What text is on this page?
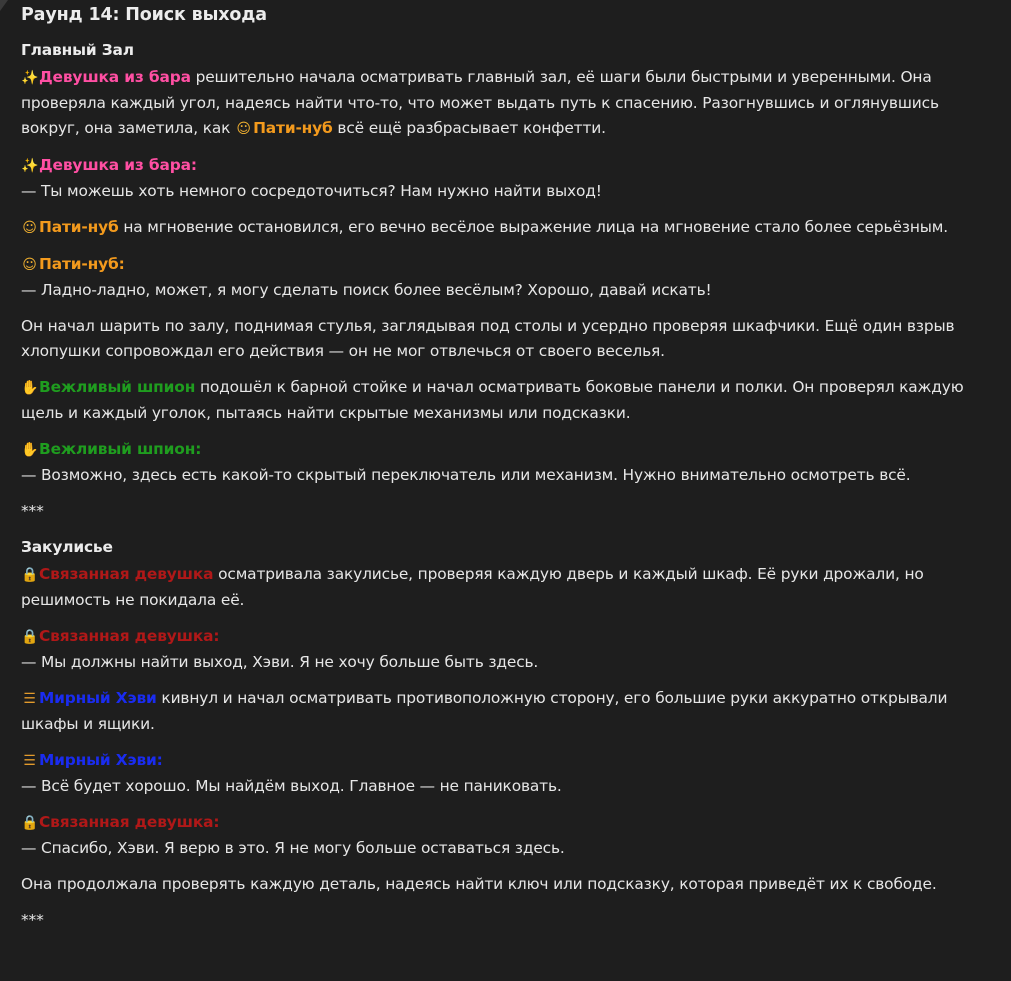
Раунд 14: Поиск выхода
Главный Зал

✨Девушка из бара решительно начала осматривать главный зал, её шаги были быстрыми и уверенными. Она проверяла каждый угол, надеясь найти что-то, что может выдать путь к спасению. Разогнувшись и оглянувшись вокруг, она заметила, как ☺ Пати-нуб всё ещё разбрасывает конфетти.

✨Девушка из бара:
— Ты можешь хоть немного сосредоточиться? Нам нужно найти выход!

☺ Пати-нуб на мгновение остановился, его вечно весёлое выражение лица на мгновение стало более серьёзным.

☺ Пати-нуб:
— Ладно-ладно, может, я могу сделать поиск более весёлым? Хорошо, давай искать!

Он начал шарить по залу, поднимая стулья, заглядывая под столы и усердно проверяя шкафчики. Ещё один взрыв хлопушки сопровождал его действия — он не мог отвлечься от своего веселья.

✋Вежливый шпион подошёл к барной стойке и начал осматривать боковые панели и полки. Он проверял каждую щель и каждый уголок, пытаясь найти скрытые механизмы или подсказки.

✋Вежливый шпион:
— Возможно, здесь есть какой-то скрытый переключатель или механизм. Нужно внимательно осмотреть всё.

***

Закулисье

🔒Связанная девушка осматривала закулисье, проверяя каждую дверь и каждый шкаф. Её руки дрожали, но решимость не покидала её.

🔒Связанная девушка:
— Мы должны найти выход, Хэви. Я не хочу больше быть здесь.

☰ Мирный Хэви кивнул и начал осматривать противоположную сторону, его большие руки аккуратно открывали шкафы и ящики.

☰ Мирный Хэви:
— Всё будет хорошо. Мы найдём выход. Главное — не паниковать.

🔒Связанная девушка:
— Спасибо, Хэви. Я верю в это. Я не могу больше оставаться здесь.

Она продолжала проверять каждую деталь, надеясь найти ключ или подсказку, которая приведёт их к свободе.

***
